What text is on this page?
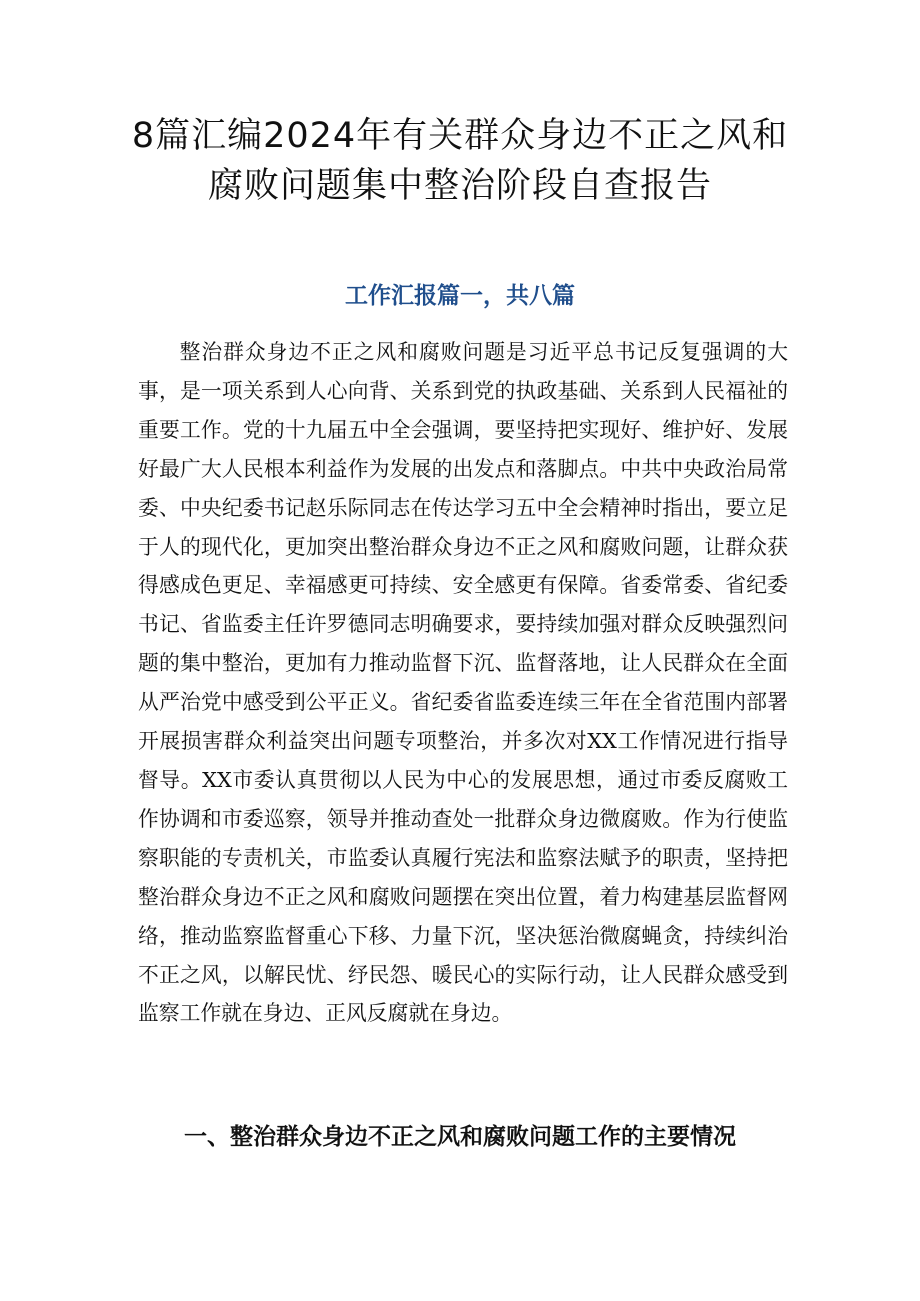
8篇汇编2024年有关群众身边不正之风和
腐败问题集中整治阶段自查报告
工作汇报篇一，共八篇

整治群众身边不正之风和腐败问题是习近平总书记反复强调的大事，是一项关系到人心向背、关系到党的执政基础、关系到人民福祉的重要工作。党的十九届五中全会强调，要坚持把实现好、维护好、发展好最广大人民根本利益作为发展的出发点和落脚点。中共中央政治局常委、中央纪委书记赵乐际同志在传达学习五中全会精神时指出，要立足于人的现代化，更加突出整治群众身边不正之风和腐败问题，让群众获得感成色更足、幸福感更可持续、安全感更有保障。省委常委、省纪委书记、省监委主任许罗德同志明确要求，要持续加强对群众反映强烈问题的集中整治，更加有力推动监督下沉、监督落地，让人民群众在全面从严治党中感受到公平正义。省纪委省监委连续三年在全省范围内部署开展损害群众利益突出问题专项整治，并多次对XX工作情况进行指导督导。XX市委认真贯彻以人民为中心的发展思想，通过市委反腐败工作协调和市委巡察，领导并推动查处一批群众身边微腐败。作为行使监察职能的专责机关，市监委认真履行宪法和监察法赋予的职责，坚持把整治群众身边不正之风和腐败问题摆在突出位置，着力构建基层监督网络，推动监察监督重心下移、力量下沉，坚决惩治微腐蝇贪，持续纠治不正之风，以解民忧、纾民怨、暖民心的实际行动，让人民群众感受到监察工作就在身边、正风反腐就在身边。

一、整治群众身边不正之风和腐败问题工作的主要情况
